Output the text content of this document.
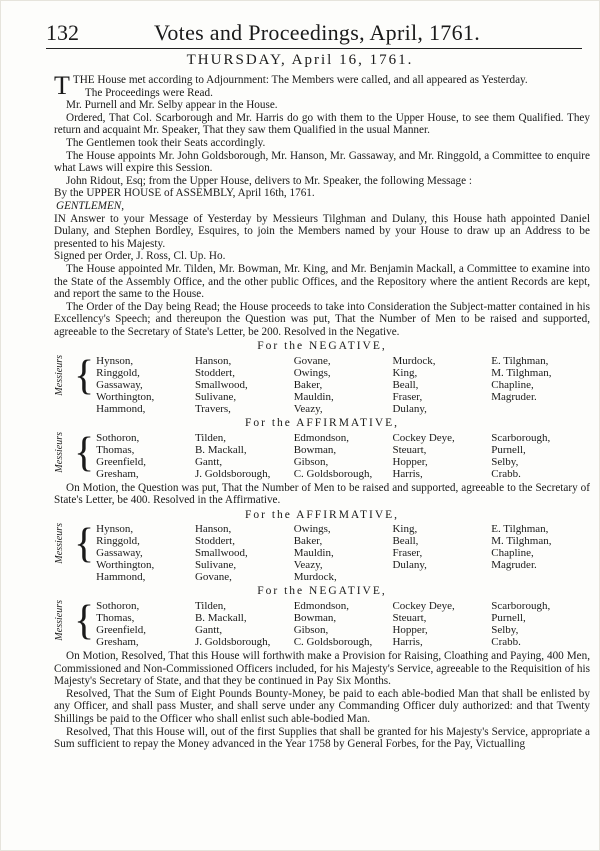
132	Votes and Proceedings, April, 1761.
THURSDAY, April 16, 1761.

TTHE House met according to Adjournment: The Members were called, and all appeared as Yesterday.

The Proceedings were Read.

Mr. Purnell and Mr. Selby appear in the House.

Ordered, That Col. Scarborough and Mr. Harris do go with them to the Upper House, to see them Qualified. They return and acquaint Mr. Speaker, That they saw them Qualified in the usual Manner.

The Gentlemen took their Seats accordingly.

The House appoints Mr. John Goldsborough, Mr. Hanson, Mr. Gassaway, and Mr. Ringgold, a Committee to enquire what Laws will expire this Session.

John Ridout, Esq; from the Upper House, delivers to Mr. Speaker, the following Message :

By the UPPER HOUSE of ASSEMBLY, April 16th, 1761.

GENTLEMEN,

IN Answer to your Message of Yesterday by Messieurs Tilghman and Dulany, this House hath appointed Daniel Dulany, and Stephen Bordley, Esquires, to join the Members named by your House to draw up an Address to be presented to his Majesty.

Signed per Order, J. Ross, Cl. Up. Ho.

The House appointed Mr. Tilden, Mr. Bowman, Mr. King, and Mr. Benjamin Mackall, a Committee to examine into the State of the Assembly Office, and the other public Offices, and the Repository where the antient Records are kept, and report the same to the House.

The Order of the Day being Read; the House proceeds to take into Consideration the Subject-matter contained in his Excellency's Speech; and thereupon the Question was put, That the Number of Men to be raised and supported, agreeable to the Secretary of State's Letter, be 200. Resolved in the Negative.

For the NEGATIVE,
Messieurs { Hynson,
Ringgold,
Gassaway,
Worthington,
Hammond,
Hanson,
Stoddert,
Smallwood,
Sulivane,
Travers,
Govane,
Owings,
Baker,
Mauldin,
Veazy,
Murdock,
King,
Beall,
Fraser,
Dulany,
E. Tilghman,
M. Tilghman,
Chapline,
Magruder.
For the AFFIRMATIVE,
Messieurs { Sothoron,
Thomas,
Greenfield,
Gresham,
Tilden,
B. Mackall,
Gantt,
J. Goldsborough,
Edmondson,
Bowman,
Gibson,
C. Goldsborough,
Cockey Deye,
Steuart,
Hopper,
Harris,
Scarborough,
Purnell,
Selby,
Crabb.

On Motion, the Question was put, That the Number of Men to be raised and supported, agreeable to the Secretary of State's Letter, be 400. Resolved in the Affirmative.

For the AFFIRMATIVE,
Messieurs { Hynson,
Ringgold,
Gassaway,
Worthington,
Hammond,
Hanson,
Stoddert,
Smallwood,
Sulivane,
Govane,
Owings,
Baker,
Mauldin,
Veazy,
Murdock,
King,
Beall,
Fraser,
Dulany,
E. Tilghman,
M. Tilghman,
Chapline,
Magruder.
For the NEGATIVE,
Messieurs { Sothoron,
Thomas,
Greenfield,
Gresham,
Tilden,
B. Mackall,
Gantt,
J. Goldsborough,
Edmondson,
Bowman,
Gibson,
C. Goldsborough,
Cockey Deye,
Steuart,
Hopper,
Harris,
Scarborough,
Purnell,
Selby,
Crabb.

On Motion, Resolved, That this House will forthwith make a Provision for Raising, Cloathing and Paying, 400 Men, Commissioned and Non-Commissioned Officers included, for his Majesty's Service, agreeable to the Requisition of his Majesty's Secretary of State, and that they be continued in Pay Six Months.

Resolved, That the Sum of Eight Pounds Bounty-Money, be paid to each able-bodied Man that shall be enlisted by any Officer, and shall pass Muster, and shall serve under any Commanding Officer duly authorized: and that Twenty Shillings be paid to the Officer who shall enlist such able-bodied Man.

Resolved, That this House will, out of the first Supplies that shall be granted for his Majesty's Service, appropriate a Sum sufficient to repay the Money advanced in the Year 1758 by General Forbes, for the Pay, Victualling
